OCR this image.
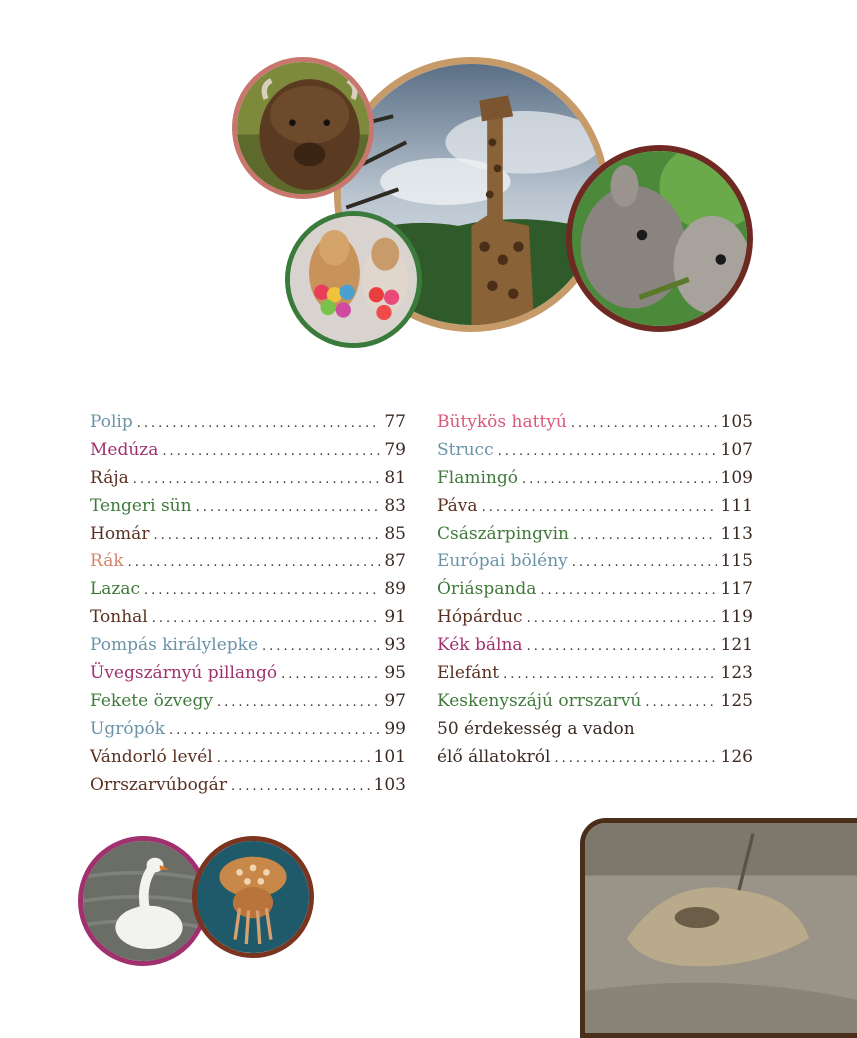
Polip .....	77
Medúza .....	79
Rája .....	81
Tengeri sün .....	83
Homár .....	85
Rák .....	87
Lazac .....	89
Tonhal .....	91
Pompás királylepke .....	93
Üvegszárnyú pillangó .....	95
Fekete özvegy .....	97
Ugrópók .....	99
Vándorló levél .....	101
Orrszarvúbogár .....	103
Bütykös hattyú .....	105
Strucc .....	107
Flamingó .....	109
Páva .....	111
Császárpingvin .....	113
Európai bölény .....	115
Óriáspanda .....	117
Hópárduc .....	119
Kék bálna .....	121
Elefánt .....	123
Keskenyszájú orrszarvú .....	125
50 érdekesség a vadon
élő állatokról .....	126
